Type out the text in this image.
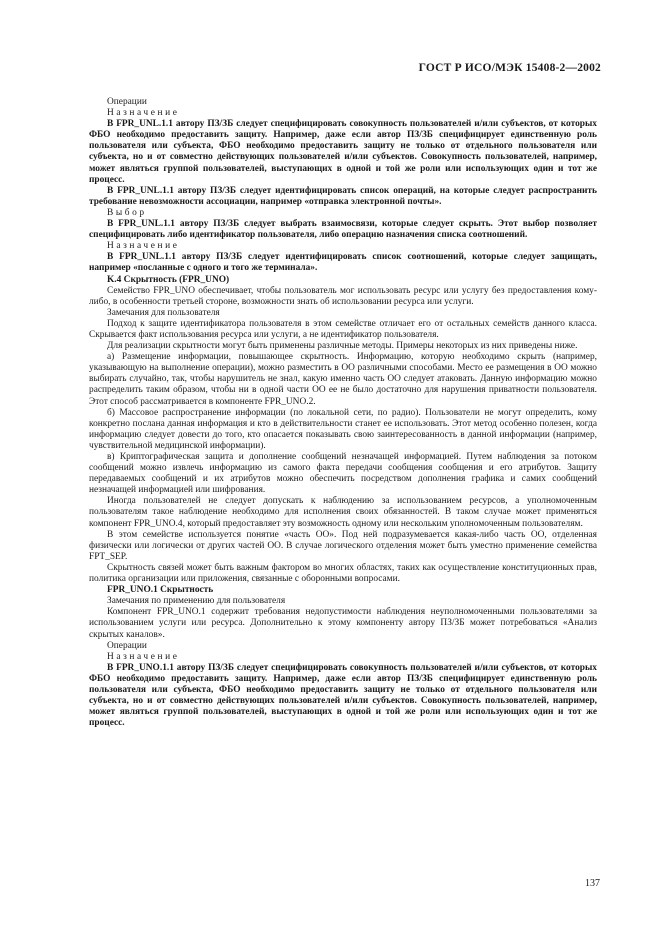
ГОСТ Р ИСО/МЭК 15408-2—2002

Операции

Назначение

В FPR_UNL.1.1 автору ПЗ/ЗБ следует специфицировать совокупность пользователей и/или субъектов, от которых ФБО необходимо предоставить защиту. Например, даже если автор ПЗ/ЗБ специфицирует единственную роль пользователя или субъекта, ФБО необходимо предоставить защиту не только от отдельного пользователя или субъекта, но и от совместно действующих пользователей и/или субъектов. Совокупность пользователей, например, может являться группой пользователей, выступающих в одной и той же роли или использующих один и тот же процесс.

В FPR_UNL.1.1 автору ПЗ/ЗБ следует идентифицировать список операций, на которые следует распространить требование невозможности ассоциации, например «отправка электронной почты».

Выбор

В FPR_UNL.1.1 автору ПЗ/ЗБ следует выбрать взаимосвязи, которые следует скрыть. Этот выбор позволяет специфицировать либо идентификатор пользователя, либо операцию назначения списка соотношений.

Назначение

В FPR_UNL.1.1 автору ПЗ/ЗБ следует идентифицировать список соотношений, которые следует защищать, например «посланные с одного и того же терминала».

K.4 Скрытность (FPR_UNO)

Семейство FPR_UNO обеспечивает, чтобы пользователь мог использовать ресурс или услугу без предоставления кому-либо, в особенности третьей стороне, возможности знать об использовании ресурса или услуги.

Замечания для пользователя

Подход к защите идентификатора пользователя в этом семействе отличает его от остальных семейств данного класса. Скрывается факт использования ресурса или услуги, а не идентификатор пользователя.

Для реализации скрытности могут быть применены различные методы. Примеры некоторых из них приведены ниже.

а) Размещение информации, повышающее скрытность. Информацию, которую необходимо скрыть (например, указывающую на выполнение операции), можно разместить в ОО различными способами. Место ее размещения в ОО можно выбирать случайно, так, чтобы нарушитель не знал, какую именно часть ОО следует атаковать. Данную информацию можно распределить таким образом, чтобы ни в одной части ОО ее не было достаточно для нарушения приватности пользователя. Этот способ рассматривается в компоненте FPR_UNO.2.

б) Массовое распространение информации (по локальной сети, по радио). Пользователи не могут определить, кому конкретно послана данная информация и кто в действительности станет ее использовать. Этот метод особенно полезен, когда информацию следует довести до того, кто опасается показывать свою заинтересованность в данной информации (например, чувствительной медицинской информации).

в) Криптографическая защита и дополнение сообщений незначащей информацией. Путем наблюдения за потоком сообщений можно извлечь информацию из самого факта передачи сообщения сообщения и его атрибутов. Защиту передаваемых сообщений и их атрибутов можно обеспечить посредством дополнения графика и самих сообщений незначащей информацией или шифрования.

Иногда пользователей не следует допускать к наблюдению за использованием ресурсов, а уполномоченным пользователям такое наблюдение необходимо для исполнения своих обязанностей. В таком случае может применяться компонент FPR_UNO.4, который предоставляет эту возможность одному или нескольким уполномоченным пользователям.

В этом семействе используется понятие «часть ОО». Под ней подразумевается какая-либо часть ОО, отделенная физически или логически от других частей ОО. В случае логического отделения может быть уместно применение семейства FPT_SEP.

Скрытность связей может быть важным фактором во многих областях, таких как осуществление конституционных прав, политика организации или приложения, связанные с оборонными вопросами.

FPR_UNO.1 Скрытность

Замечания по применению для пользователя

Компонент FPR_UNO.1 содержит требования недопустимости наблюдения неуполномоченными пользователями за использованием услуги или ресурса. Дополнительно к этому компоненту автору ПЗ/ЗБ может потребоваться «Анализ скрытых каналов».

Операции

Назначение

В FPR_UNO.1.1 автору ПЗ/ЗБ следует специфицировать совокупность пользователей и/или субъектов, от которых ФБО необходимо предоставить защиту. Например, даже если автор ПЗ/ЗБ специфицирует единственную роль пользователя или субъекта, ФБО необходимо предоставить защиту не только от отдельного пользователя или субъекта, но и от совместно действующих пользователей и/или субъектов. Совокупность пользователей, например, может являться группой пользователей, выступающих в одной и той же роли или использующих один и тот же процесс.

137
